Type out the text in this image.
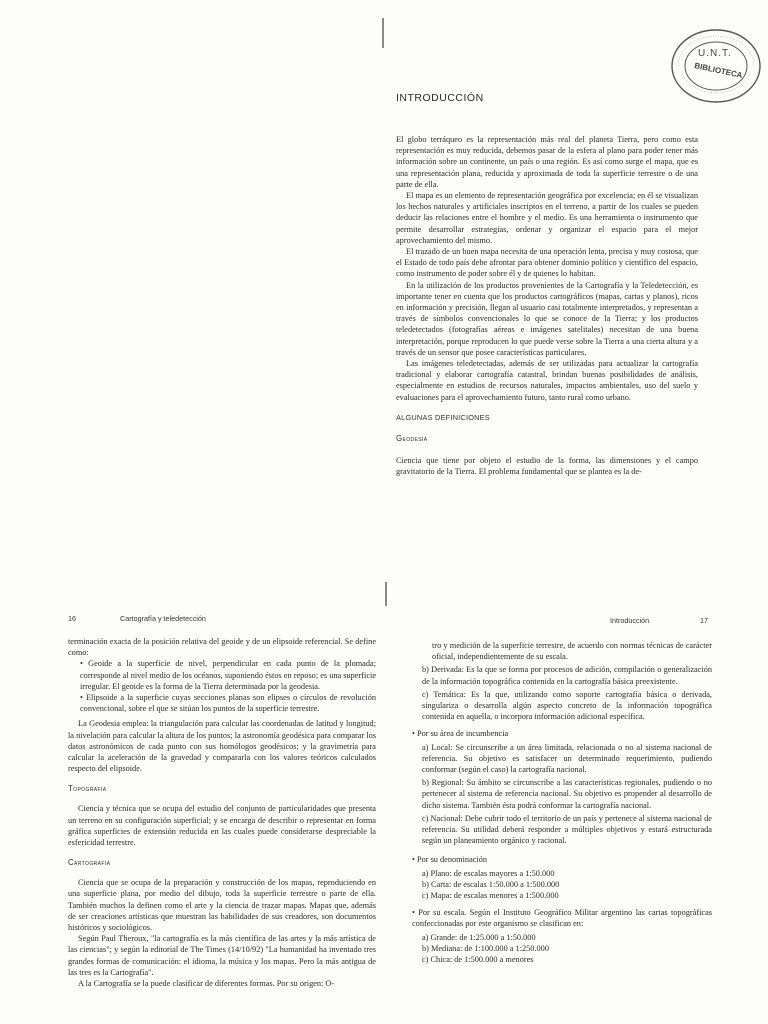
U.N.T.
BIBLIOTECA
INTRODUCCIÓN

El globo terráqueo es la representación más real del planeta Tierra, pero como esta representación es muy reducida, debemos pasar de la esfera al plano para poder tener más información sobre un continente, un país o una región. Es así como surge el mapa, que es una representación plana, reducida y aproximada de toda la superficie terrestre o de una parte de ella.

El mapa es un elemento de representación geográfica por excelencia; en él se visualizan los hechos naturales y artificiales inscriptos en el terreno, a partir de los cuales se pueden deducir las relaciones entre el hombre y el medio. Es una herramienta o instrumento que permite desarrollar estrategias, ordenar y organizar el espacio para el mejor aprovechamiento del mismo.

El trazado de un buen mapa necesita de una operación lenta, precisa y muy costosa, que el Estado de todo país debe afrontar para obtener dominio político y científico del espacio, como instrumento de poder sobre él y de quienes lo habitan.

En la utilización de los productos provenientes de la Cartografía y la Teledetección, es importante tener en cuenta que los productos cartográficos (mapas, cartas y planos), ricos en información y precisión, llegan al usuario casi totalmente interpretados, y representan a través de símbolos convencionales lo que se conoce de la Tierra; y los productos teledetectados (fotografías aéreas e imágenes satelitales) necesitan de una buena interpretación, porque reproducen lo que puede verse sobre la Tierra a una cierta altura y a través de un sensor que posee características particulares.

Las imágenes teledetectadas, además de ser utilizadas para actualizar la cartografía tradicional y elaborar cartografía catastral, brindan buenas posibilidades de análisis, especialmente en estudios de recursos naturales, impactos ambientales, uso del suelo y evaluaciones para el aprovechamiento futuro, tanto rural como urbano.

ALGUNAS DEFINICIONES
Geodesia

Ciencia que tiene por objeto el estudio de la forma, las dimensiones y el campo gravitatorio de la Tierra. El problema fundamental que se plantea es la de-

16	Cartografía y teledetección

terminación exacta de la posición relativa del geoide y de un elipsoide referencial. Se define como:

• Geoide a la superficie de nivel, perpendicular en cada punto de la plomada; corresponde al nivel medio de los océanos, suponiendo éstos en reposo; es una superficie irregular. El geoide es la forma de la Tierra determinada por la geodesia.

• Elipsoide a la superficie cuyas secciones planas son elipses o círculos de revolución convencional, sobre el que se sitúan los puntos de la superficie terrestre.

La Geodesia emplea: la triangulación para calcular las coordenadas de latitud y longitud; la nivelación para calcular la altura de los puntos; la astronomía geodésica para comparar los datos astronómicos de cada punto con sus homólogos geodésicos; y la gravimetría para calcular la aceleración de la gravedad y compararla con los valores teóricos calculados respecto del elipsoide.

Topografía

Ciencia y técnica que se ocupa del estudio del conjunto de particularidades que presenta un terreno en su configuración superficial; y se encarga de describir o representar en forma gráfica superficies de extensión reducida en las cuales puede considerarse despreciable la esfericidad terrestre.

Cartografía

Ciencia que se ocupa de la preparación y construcción de los mapas, reproduciendo en una superficie plana, por medio del dibujo, toda la superficie terrestre o parte de ella. También muchos la definen como el arte y la ciencia de trazar mapas. Mapas que, además de ser creaciones artísticas que muestran las habilidades de sus creadores, son documentos históricos y sociológicos.

Según Paul Theroux, "la cartografía es la más científica de las artes y la más artística de las ciencias"; y según la editorial de The Times (14/10/92) "La humanidad ha inventado tres grandes formas de comunicación: el idioma, la música y los mapas. Pero la más antigua de las tres es la Cartografía".

A la Cartografía se la puede clasificar de diferentes formas. Por su origen: O-

Introducción	17

tro y medición de la superficie terrestre, de acuerdo con normas técnicas de carácter oficial, independientemente de su escala.

b) Derivada: Es la que se forma por procesos de adición, compilación o generalización de la información topográfica contenida en la cartografía básica preexistente.

c) Temática: Es la que, utilizando como soporte cartografía básica o derivada, singulariza o desarrolla algún aspecto concreto de la información topográfica contenida en aquella, o incorpora información adicional específica.

• Por su área de incumbencia

a) Local: Se circunscribe a un área limitada, relacionada o no al sistema nacional de referencia. Su objetivo es satisfacer un determinado requerimiento, pudiendo conformar (según el caso) la cartografía nacional.

b) Regional: Su ámbito se circunscribe a las características regionales, pudiendo o no pertenecer al sistema de referencia nacional. Su objetivo es propender al desarrollo de dicho sistema. También ésta podrá conformar la cartografía nacional.

c) Nacional: Debe cubrir todo el territorio de un país y pertenece al sistema nacional de referencia. Su utilidad deberá responder a múltiples objetivos y estará estructurada según un planeamiento orgánico y racional.

• Por su denominación

a) Plano: de escalas mayores a 1:50.000

b) Carta: de escalas 1:50.000 a 1:500.000

c) Mapa: de escalas menores a 1:500.000

• Por su escala. Según el Instituto Geográfico Militar argentino las cartas topográficas confeccionadas por este organismo se clasifican en:

a) Grande: de 1:25.000 a 1:50.000

b) Mediana: de 1:100.000 a 1:250.000

c) Chica: de 1:500.000 a menores
